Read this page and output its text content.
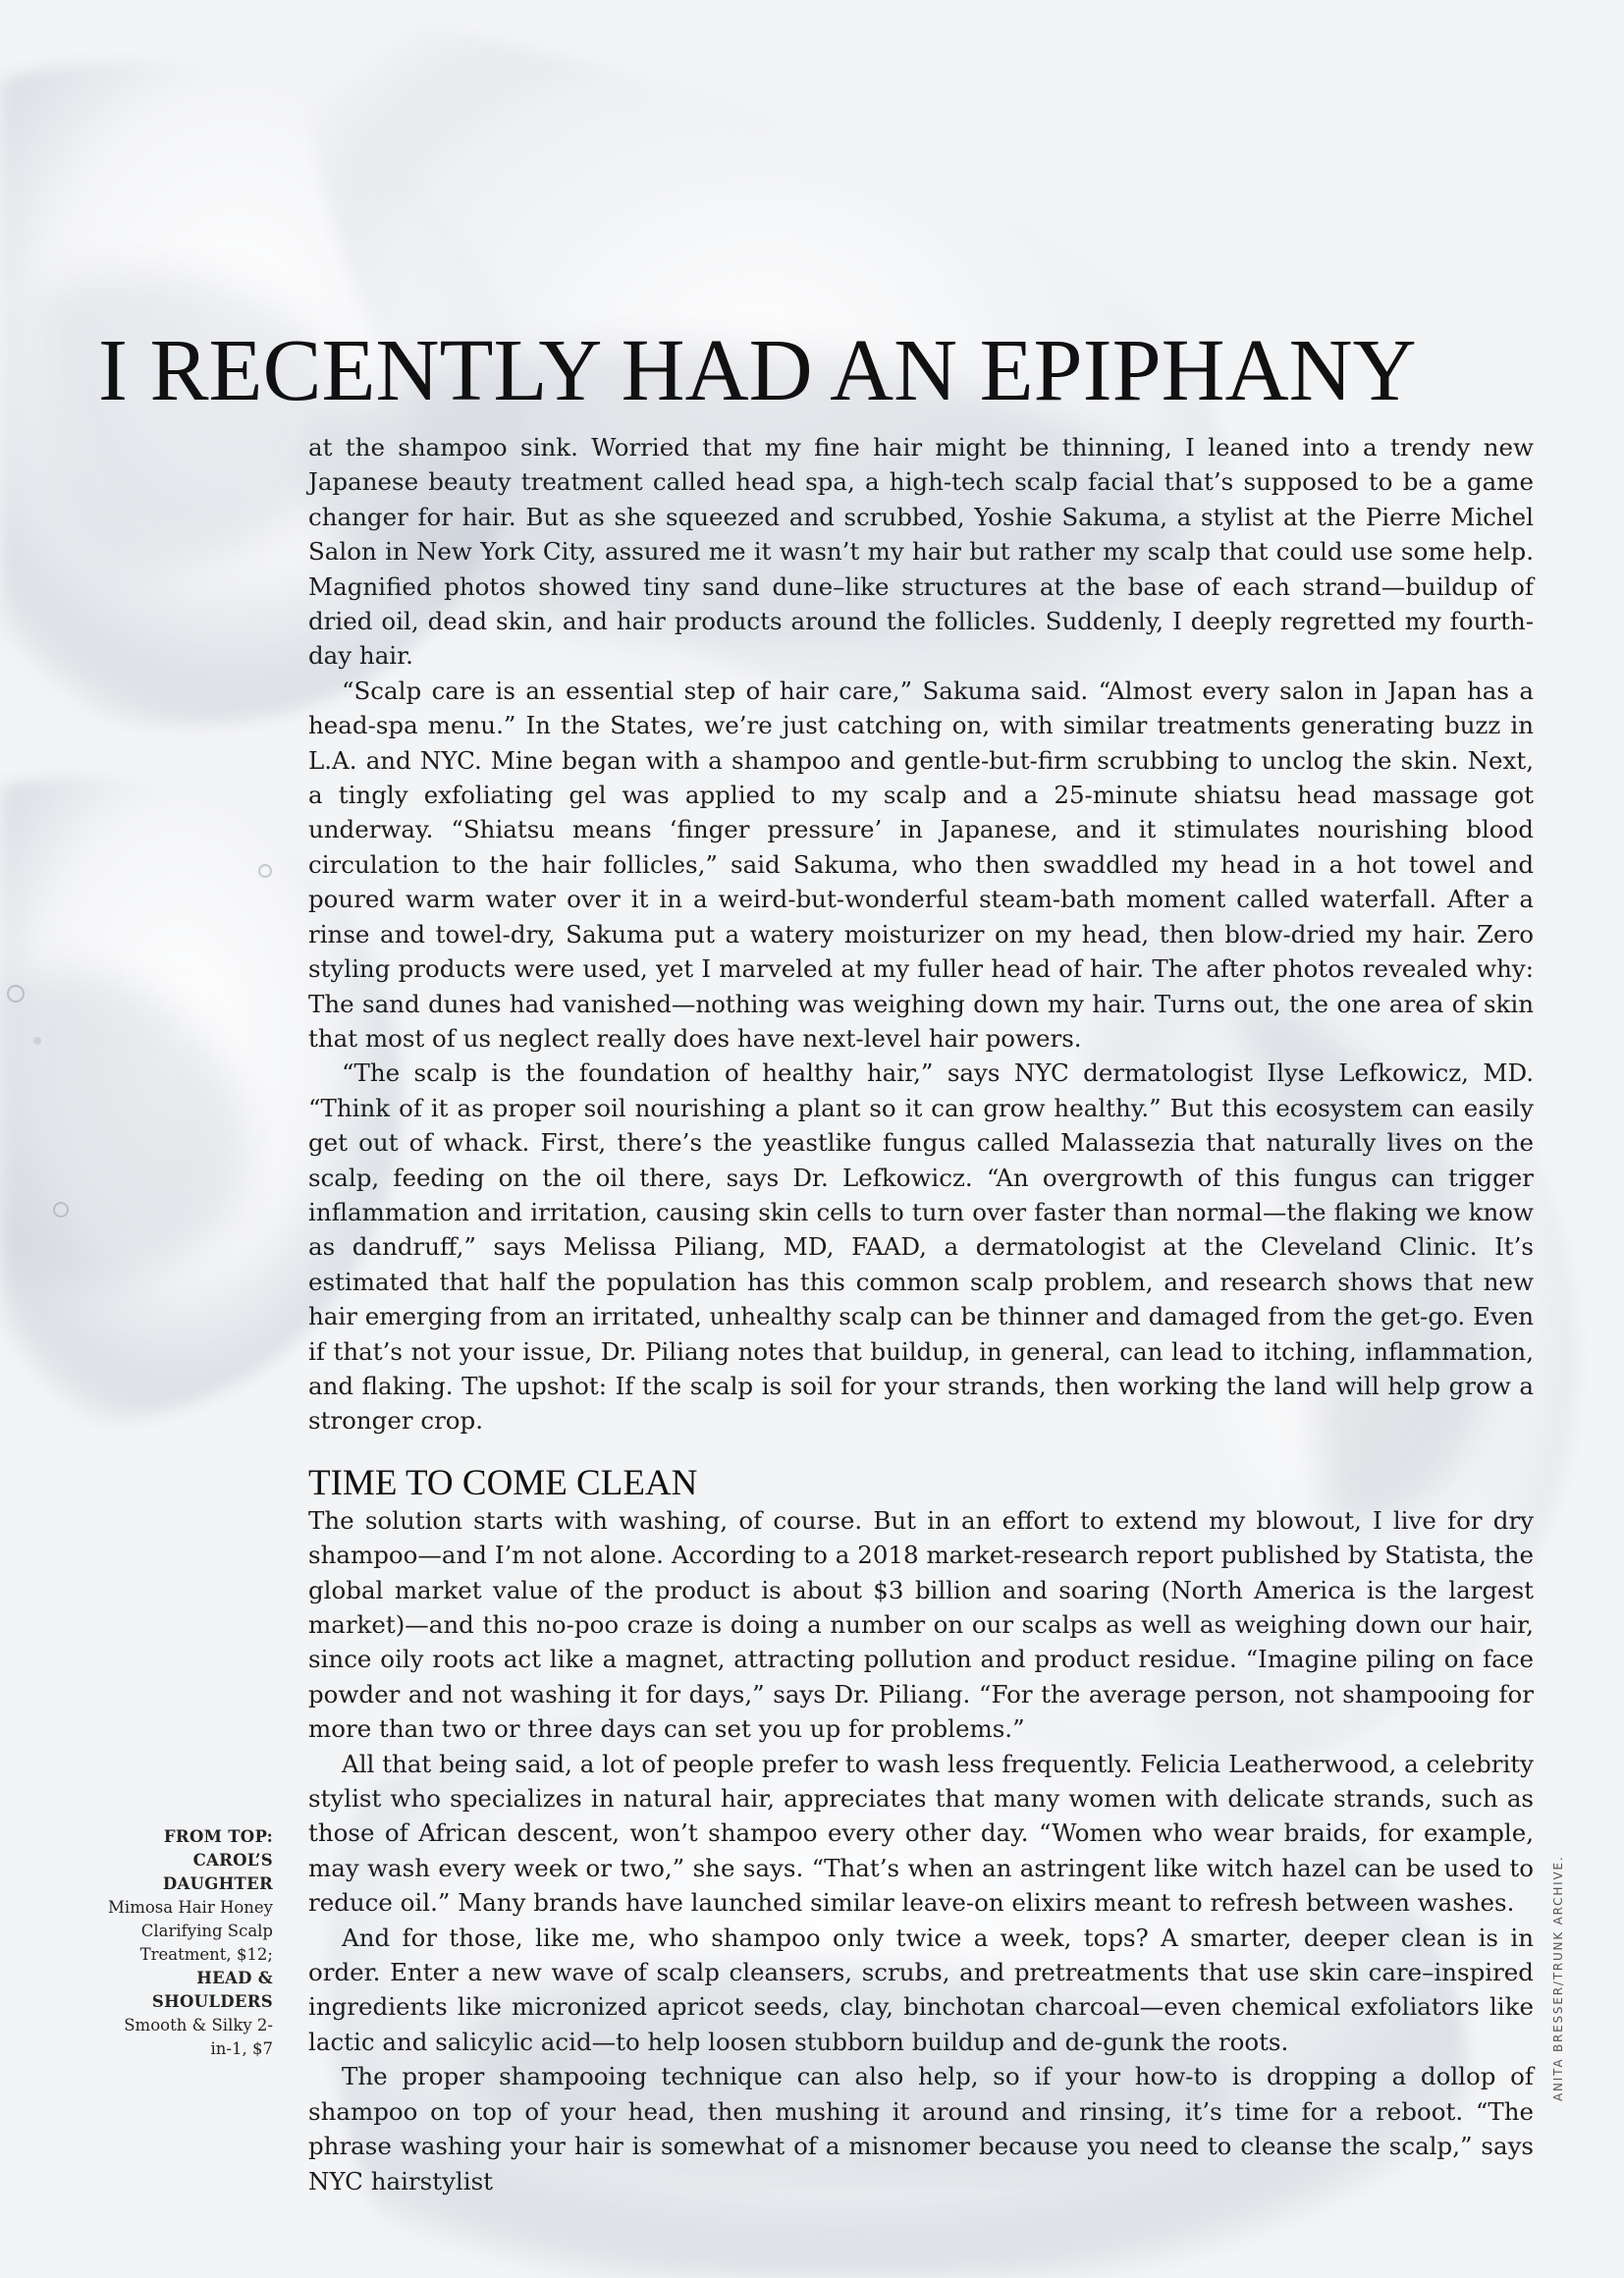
I RECENTLY HAD AN EPIPHANY

at the shampoo sink. Worried that my fine hair might be thinning, I leaned into a trendy new Japanese beauty treatment called head spa, a high-tech scalp facial that’s supposed to be a game changer for hair. But as she squeezed and scrubbed, Yoshie Sakuma, a stylist at the Pierre Michel Salon in New York City, assured me it wasn’t my hair but rather my scalp that could use some help. Magnified photos showed tiny sand dune–like structures at the base of each strand—buildup of dried oil, dead skin, and hair products around the follicles. Suddenly, I deeply regretted my fourth-day hair.

“Scalp care is an essential step of hair care,” Sakuma said. “Almost every salon in Japan has a head-spa menu.” In the States, we’re just catching on, with similar treatments generating buzz in L.A. and NYC. Mine began with a shampoo and gentle-but-firm scrubbing to unclog the skin. Next, a tingly exfoliating gel was applied to my scalp and a 25-minute shiatsu head massage got underway. “Shiatsu means ‘finger pressure’ in Japanese, and it stimulates nourishing blood circulation to the hair follicles,” said Sakuma, who then swaddled my head in a hot towel and poured warm water over it in a weird-but-wonderful steam-bath moment called waterfall. After a rinse and towel-dry, Sakuma put a watery moisturizer on my head, then blow-dried my hair. Zero styling products were used, yet I marveled at my fuller head of hair. The after photos revealed why: The sand dunes had vanished—nothing was weighing down my hair. Turns out, the one area of skin that most of us neglect really does have next-level hair powers.

“The scalp is the foundation of healthy hair,” says NYC dermatologist Ilyse Lefkowicz, MD. “Think of it as proper soil nourishing a plant so it can grow healthy.” But this ecosystem can easily get out of whack. First, there’s the yeastlike fungus called Malassezia that naturally lives on the scalp, feeding on the oil there, says Dr. Lefkowicz. “An overgrowth of this fungus can trigger inflammation and irritation, causing skin cells to turn over faster than normal—the flaking we know as dandruff,” says Melissa Piliang, MD, FAAD, a dermatologist at the Cleveland Clinic. It’s estimated that half the population has this common scalp problem, and research shows that new hair emerging from an irritated, unhealthy scalp can be thinner and damaged from the get-go. Even if that’s not your issue, Dr. Piliang notes that buildup, in general, can lead to itching, inflammation, and flaking. The upshot: If the scalp is soil for your strands, then working the land will help grow a stronger crop.

TIME TO COME CLEAN

The solution starts with washing, of course. But in an effort to extend my blowout, I live for dry shampoo—and I’m not alone. According to a 2018 market-research report published by Statista, the global market value of the product is about $3 billion and soaring (North America is the largest market)—and this no-poo craze is doing a number on our scalps as well as weighing down our hair, since oily roots act like a magnet, attracting pollution and product residue. “Imagine piling on face powder and not washing it for days,” says Dr. Piliang. “For the average person, not shampooing for more than two or three days can set you up for problems.”

All that being said, a lot of people prefer to wash less frequently. Felicia Leatherwood, a celebrity stylist who specializes in natural hair, appreciates that many women with delicate strands, such as those of African descent, won’t shampoo every other day. “Women who wear braids, for example, may wash every week or two,” she says. “That’s when an astringent like witch hazel can be used to reduce oil.” Many brands have launched similar leave-on elixirs meant to refresh between washes.

And for those, like me, who shampoo only twice a week, tops? A smarter, deeper clean is in order. Enter a new wave of scalp cleansers, scrubs, and pretreatments that use skin care–inspired ingredients like micronized apricot seeds, clay, binchotan charcoal—even chemical exfoliators like lactic and salicylic acid—to help loosen stubborn buildup and de-gunk the roots.

The proper shampooing technique can also help, so if your how-to is dropping a dollop of shampoo on top of your head, then mushing it around and rinsing, it’s time for a reboot. “The phrase washing your hair is somewhat of a misnomer because you need to cleanse the scalp,” says NYC hairstylist

FROM TOP:
CAROL’S DAUGHTER
Mimosa Hair Honey Clarifying Scalp Treatment, $12; HEAD & SHOULDERS
Smooth & Silky 2-in-1, $7	ANITA BRESSER/TRUNK ARCHIVE.
